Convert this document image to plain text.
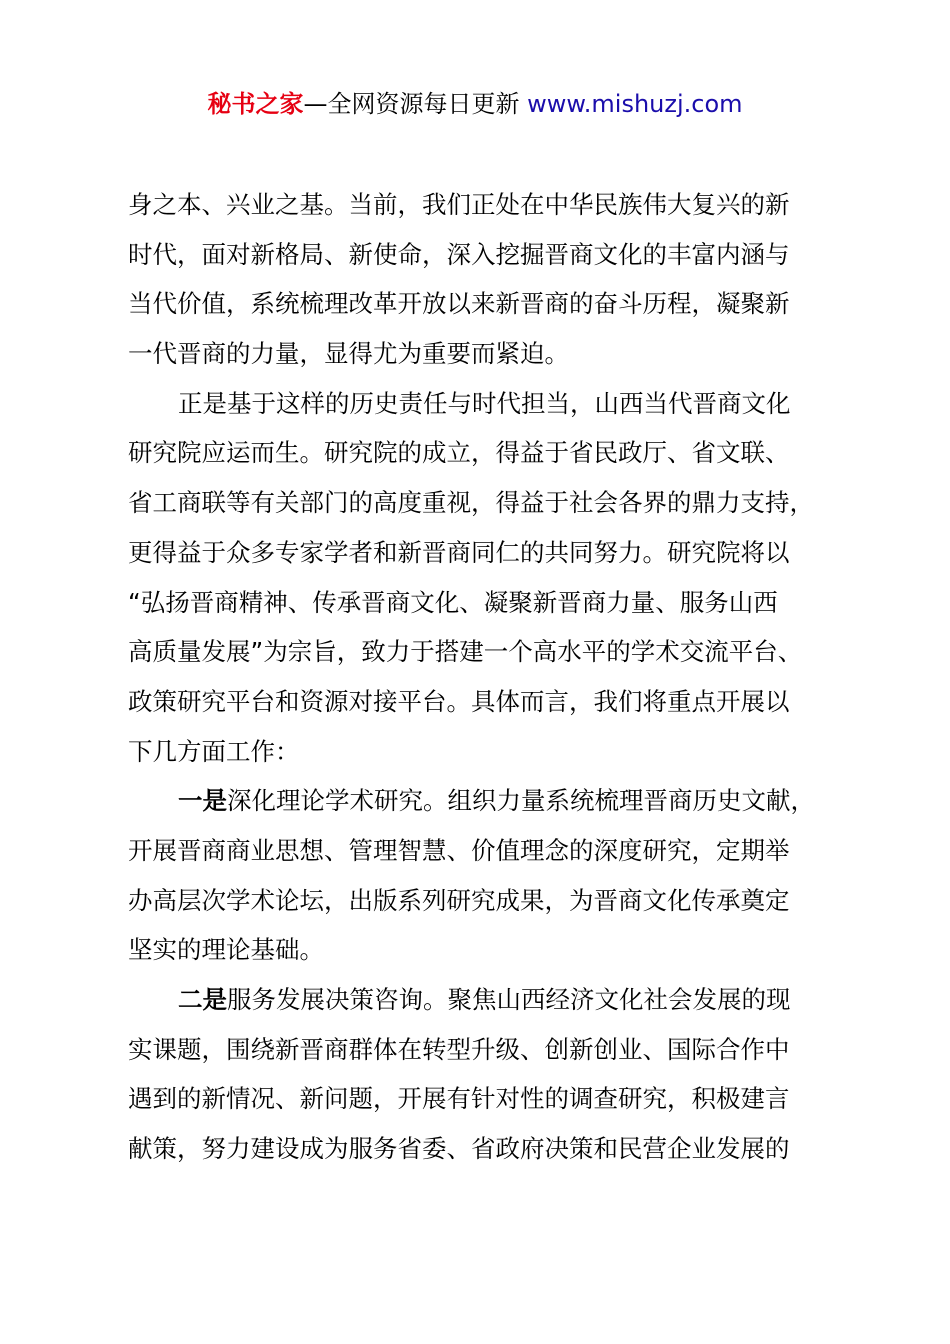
秘书之家—全网资源每日更新 www.mishuzj.com
身之本、兴业之基。当前，我们正处在中华民族伟大复兴的新
时代，面对新格局、新使命，深入挖掘晋商文化的丰富内涵与
当代价值，系统梳理改革开放以来新晋商的奋斗历程，凝聚新
一代晋商的力量，显得尤为重要而紧迫。
正是基于这样的历史责任与时代担当，山西当代晋商文化
研究院应运而生。研究院的成立，得益于省民政厅、省文联、
省工商联等有关部门的高度重视，得益于社会各界的鼎力支持，
更得益于众多专家学者和新晋商同仁的共同努力。研究院将以
“弘扬晋商精神、传承晋商文化、凝聚新晋商力量、服务山西
高质量发展”为宗旨，致力于搭建一个高水平的学术交流平台、
政策研究平台和资源对接平台。具体而言，我们将重点开展以
下几方面工作：
一是深化理论学术研究。组织力量系统梳理晋商历史文献，
开展晋商商业思想、管理智慧、价值理念的深度研究，定期举
办高层次学术论坛，出版系列研究成果，为晋商文化传承奠定
坚实的理论基础。
二是服务发展决策咨询。聚焦山西经济文化社会发展的现
实课题，围绕新晋商群体在转型升级、创新创业、国际合作中
遇到的新情况、新问题，开展有针对性的调查研究，积极建言
献策，努力建设成为服务省委、省政府决策和民营企业发展的
